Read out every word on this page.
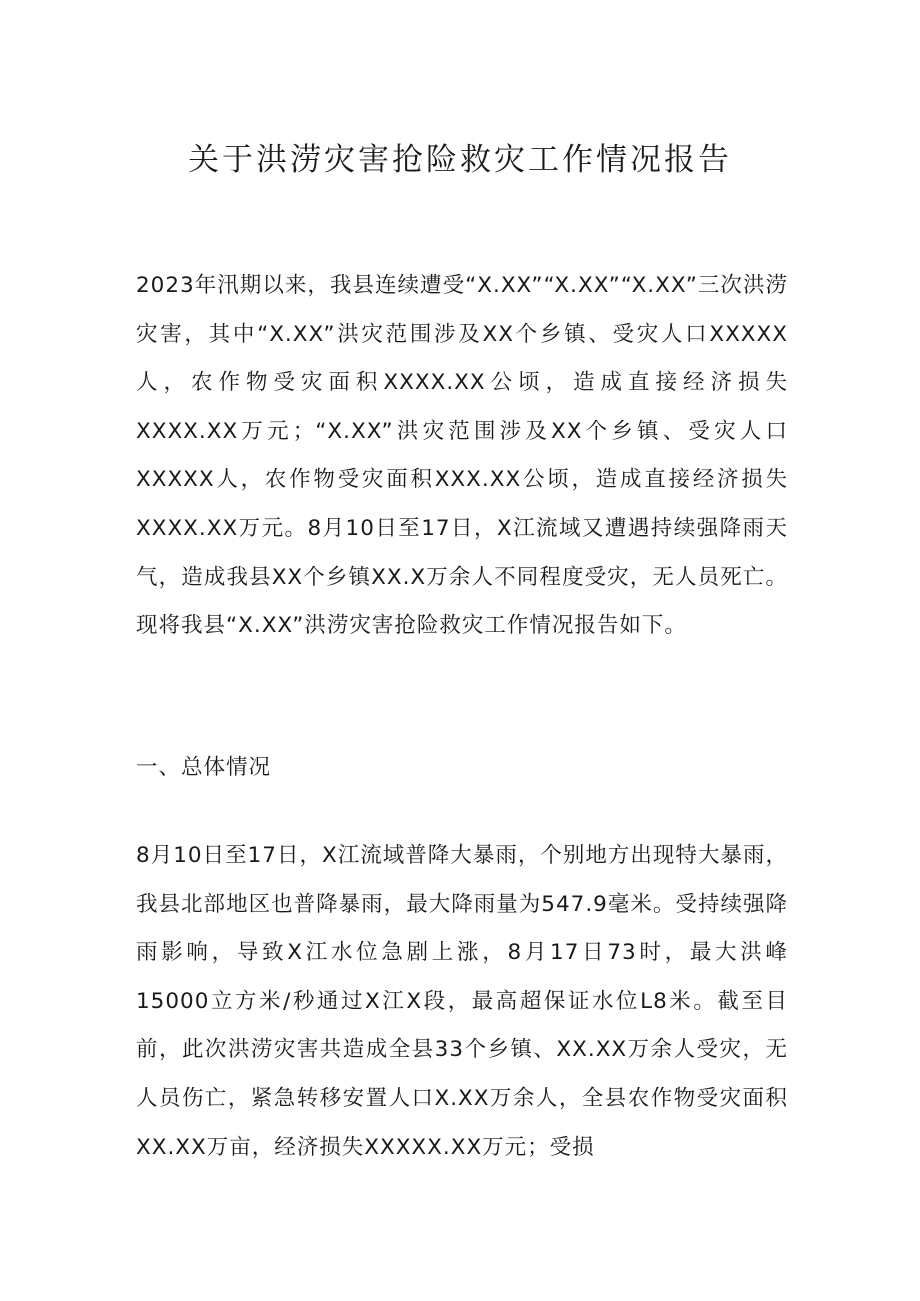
关于洪涝灾害抢险救灾工作情况报告

2023年汛期以来，我县连续遭受“X.XX”“X.XX”“X.XX”三次洪涝灾害，其中“X.XX”洪灾范围涉及XX个乡镇、受灾人口XXXXX人，农作物受灾面积XXXX.XX公顷，造成直接经济损失XXXX.XX万元；“X.XX”洪灾范围涉及XX个乡镇、受灾人口XXXXX人，农作物受灾面积XXX.XX公顷，造成直接经济损失XXXX.XX万元。8月10日至17日，X江流域又遭遇持续强降雨天气，造成我县XX个乡镇XX.X万余人不同程度受灾，无人员死亡。现将我县“X.XX”洪涝灾害抢险救灾工作情况报告如下。

一、总体情况

8月10日至17日，X江流域普降大暴雨，个别地方出现特大暴雨，我县北部地区也普降暴雨，最大降雨量为547.9毫米。受持续强降雨影响，导致X江水位急剧上涨，8月17日73时，最大洪峰15000立方米/秒通过X江X段，最高超保证水位L8米。截至目前，此次洪涝灾害共造成全县33个乡镇、XX.XX万余人受灾，无人员伤亡，紧急转移安置人口X.XX万余人，全县农作物受灾面积XX.XX万亩，经济损失XXXXX.XX万元；受损
